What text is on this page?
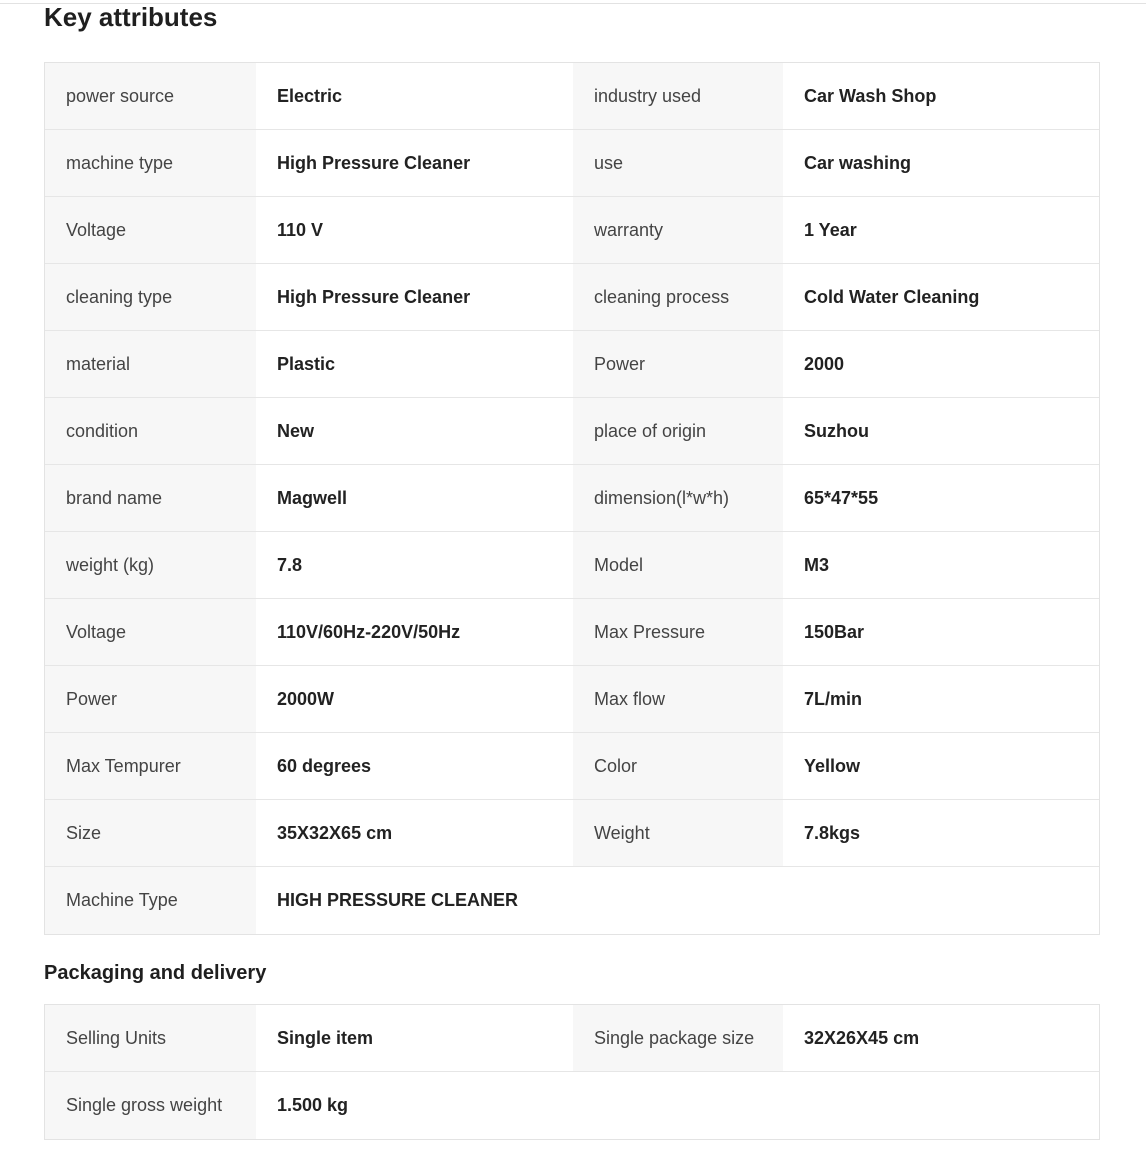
Key attributes
power source	Electric	industry used	Car Wash Shop
machine type	High Pressure Cleaner	use	Car washing
Voltage	110 V	warranty	1 Year
cleaning type	High Pressure Cleaner	cleaning process	Cold Water Cleaning
material	Plastic	Power	2000
condition	New	place of origin	Suzhou
brand name	Magwell	dimension(l*w*h)	65*47*55
weight (kg)	7.8	Model	M3
Voltage	110V/60Hz-220V/50Hz	Max Pressure	150Bar
Power	2000W	Max flow	7L/min
Max Tempurer	60 degrees	Color	Yellow
Size	35X32X65 cm	Weight	7.8kgs
Machine Type	HIGH PRESSURE CLEANER
Packaging and delivery
Selling Units	Single item	Single package size	32X26X45 cm
Single gross weight	1.500 kg
